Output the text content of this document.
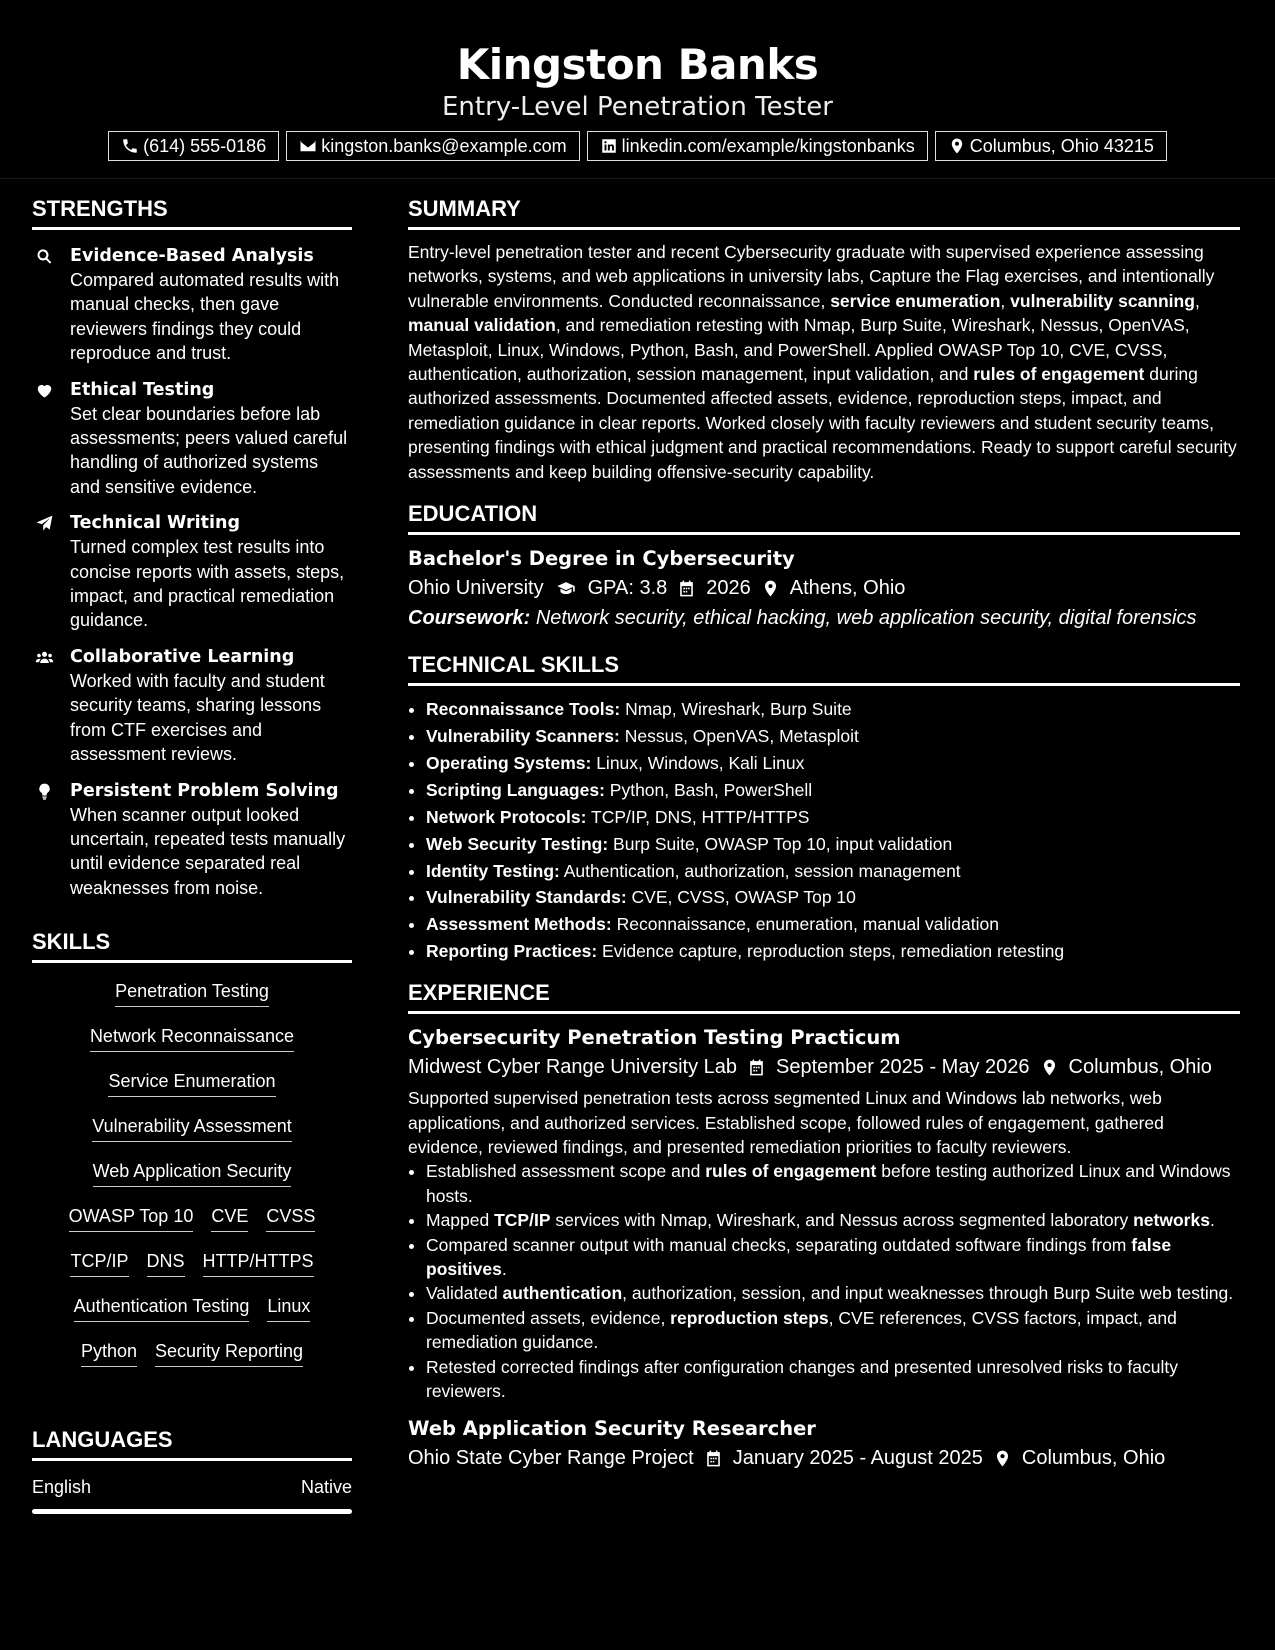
Kingston Banks
Entry-Level Penetration Tester
(614) 555-0186	kingston.banks@example.com	linkedin.com/example/kingstonbanks	Columbus, Ohio 43215
STRENGTHS
Evidence-Based Analysis
Compared automated results with manual checks, then gave reviewers findings they could reproduce and trust.
Ethical Testing
Set clear boundaries before lab assessments; peers valued careful handling of authorized systems and sensitive evidence.
Technical Writing
Turned complex test results into concise reports with assets, steps, impact, and practical remediation guidance.
Collaborative Learning
Worked with faculty and student security teams, sharing lessons from CTF exercises and assessment reviews.
Persistent Problem Solving
When scanner output looked uncertain, repeated tests manually until evidence separated real weaknesses from noise.
SKILLS
Penetration Testing
Network Reconnaissance
Service Enumeration
Vulnerability Assessment
Web Application Security
OWASP Top 10 CVE CVSS
TCP/IP DNS HTTP/HTTPS
Authentication Testing Linux
Python Security Reporting
LANGUAGES
English	Native
SUMMARY

Entry-level penetration tester and recent Cybersecurity graduate with supervised experience assessing networks, systems, and web applications in university labs, Capture the Flag exercises, and intentionally vulnerable environments. Conducted reconnaissance, service enumeration, vulnerability scanning, manual validation, and remediation retesting with Nmap, Burp Suite, Wireshark, Nessus, OpenVAS, Metasploit, Linux, Windows, Python, Bash, and PowerShell. Applied OWASP Top 10, CVE, CVSS, authentication, authorization, session management, input validation, and rules of engagement during authorized assessments. Documented affected assets, evidence, reproduction steps, impact, and remediation guidance in clear reports. Worked closely with faculty reviewers and student security teams, presenting findings with ethical judgment and practical recommendations. Ready to support careful security assessments and keep building offensive-security capability.

EDUCATION
Bachelor's Degree in Cybersecurity
Ohio University GPA: 3.8 2026 Athens, Ohio
Coursework: Network security, ethical hacking, web application security, digital forensics
TECHNICAL SKILLS
• Reconnaissance Tools: Nmap, Wireshark, Burp Suite
• Vulnerability Scanners: Nessus, OpenVAS, Metasploit
• Operating Systems: Linux, Windows, Kali Linux
• Scripting Languages: Python, Bash, PowerShell
• Network Protocols: TCP/IP, DNS, HTTP/HTTPS
• Web Security Testing: Burp Suite, OWASP Top 10, input validation
• Identity Testing: Authentication, authorization, session management
• Vulnerability Standards: CVE, CVSS, OWASP Top 10
• Assessment Methods: Reconnaissance, enumeration, manual validation
• Reporting Practices: Evidence capture, reproduction steps, remediation retesting
EXPERIENCE
Cybersecurity Penetration Testing Practicum
Midwest Cyber Range University Lab September 2025 - May 2026 Columbus, Ohio

Supported supervised penetration tests across segmented Linux and Windows lab networks, web applications, and authorized services. Established scope, followed rules of engagement, gathered evidence, reviewed findings, and presented remediation priorities to faculty reviewers.

• Established assessment scope and rules of engagement before testing authorized Linux and Windows hosts.
• Mapped TCP/IP services with Nmap, Wireshark, and Nessus across segmented laboratory networks.
• Compared scanner output with manual checks, separating outdated software findings from false positives.
• Validated authentication, authorization, session, and input weaknesses through Burp Suite web testing.
• Documented assets, evidence, reproduction steps, CVE references, CVSS factors, impact, and remediation guidance.
• Retested corrected findings after configuration changes and presented unresolved risks to faculty reviewers.
Web Application Security Researcher
Ohio State Cyber Range Project January 2025 - August 2025 Columbus, Ohio
